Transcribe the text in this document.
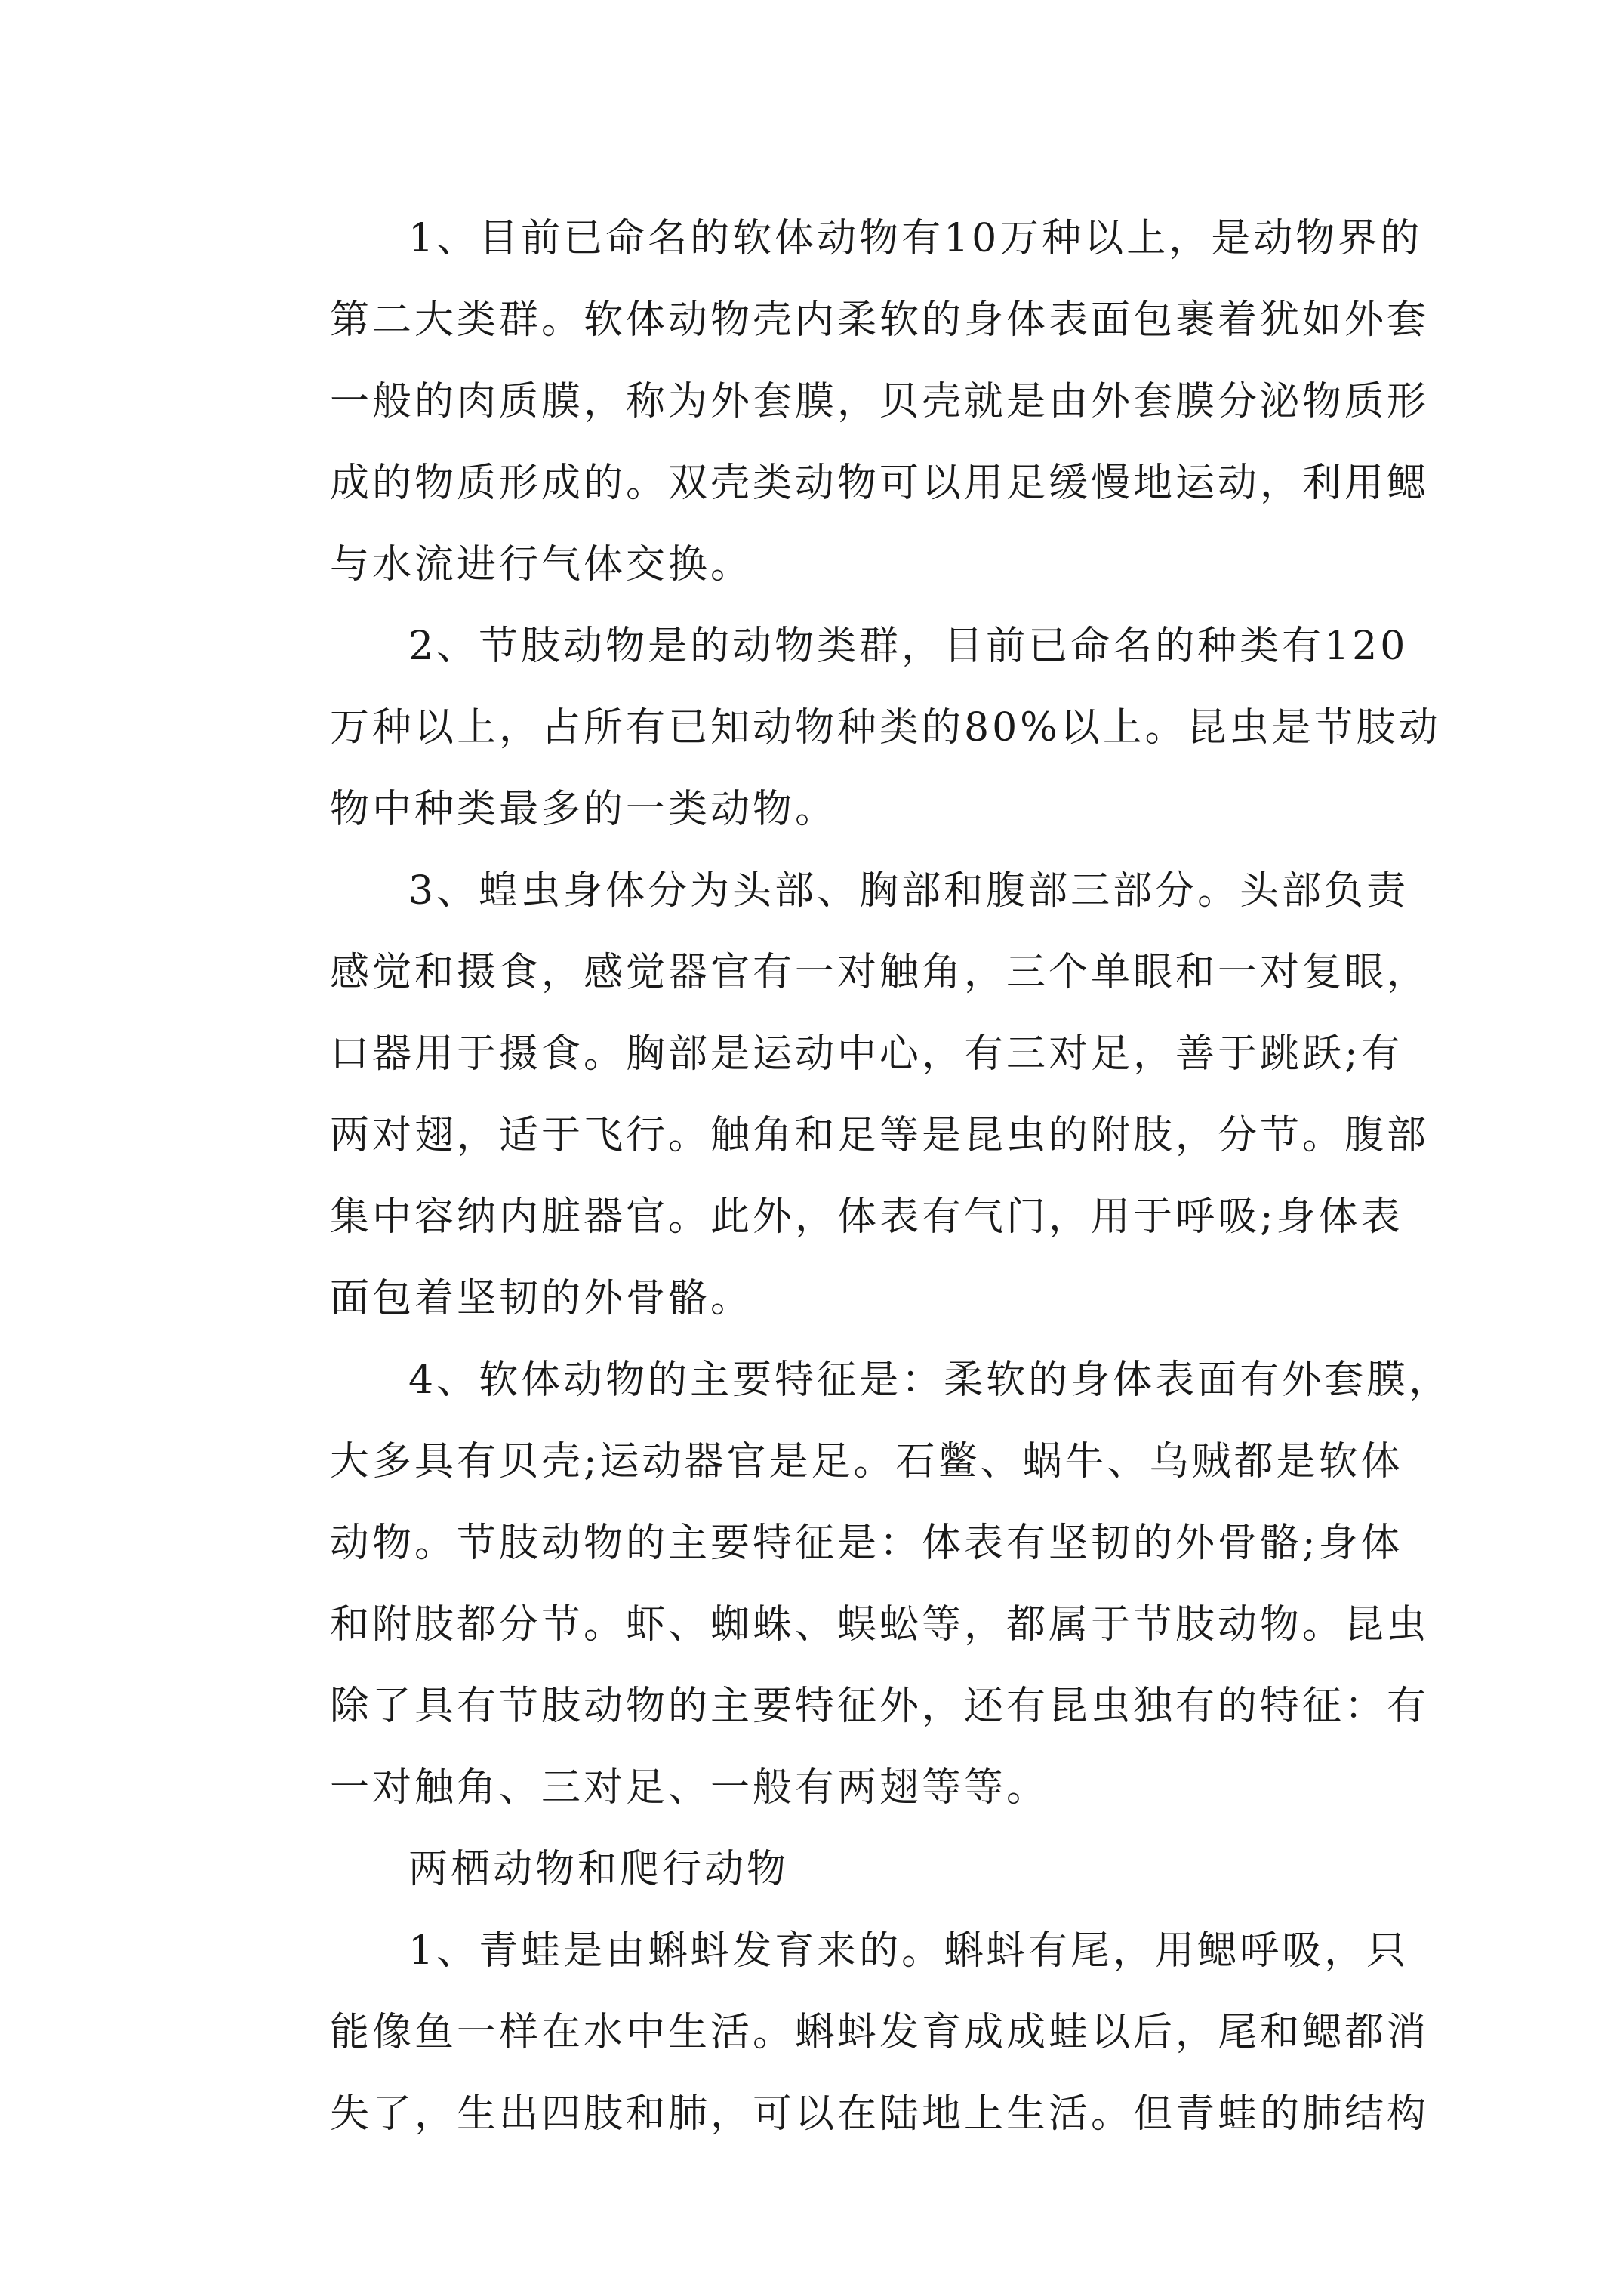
1、目前已命名的软体动物有10万种以上，是动物界的
第二大类群。软体动物壳内柔软的身体表面包裹着犹如外套
一般的肉质膜，称为外套膜，贝壳就是由外套膜分泌物质形
成的物质形成的。双壳类动物可以用足缓慢地运动，利用鳃
与水流进行气体交换。
2、节肢动物是的动物类群，目前已命名的种类有120
万种以上，占所有已知动物种类的80%以上。昆虫是节肢动
物中种类最多的一类动物。
3、蝗虫身体分为头部、胸部和腹部三部分。头部负责
感觉和摄食，感觉器官有一对触角，三个单眼和一对复眼，
口器用于摄食。胸部是运动中心，有三对足，善于跳跃;有
两对翅，适于飞行。触角和足等是昆虫的附肢，分节。腹部
集中容纳内脏器官。此外，体表有气门，用于呼吸;身体表
面包着坚韧的外骨骼。
4、软体动物的主要特征是：柔软的身体表面有外套膜，
大多具有贝壳;运动器官是足。石鳖、蜗牛、乌贼都是软体
动物。节肢动物的主要特征是：体表有坚韧的外骨骼;身体
和附肢都分节。虾、蜘蛛、蜈蚣等，都属于节肢动物。昆虫
除了具有节肢动物的主要特征外，还有昆虫独有的特征：有
一对触角、三对足、一般有两翅等等。
两栖动物和爬行动物
1、青蛙是由蝌蚪发育来的。蝌蚪有尾，用鳃呼吸，只
能像鱼一样在水中生活。蝌蚪发育成成蛙以后，尾和鳃都消
失了，生出四肢和肺，可以在陆地上生活。但青蛙的肺结构
